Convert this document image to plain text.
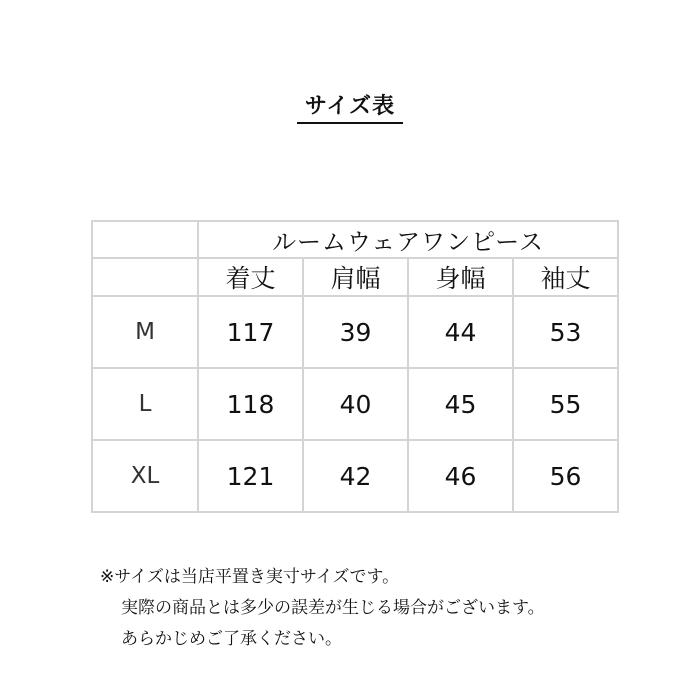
サイズ表
	ルームウェアワンピース			
	着丈	肩幅	身幅	袖丈
M	117	39	44	53
L	118	40	45	55
XL	121	42	46	56
※サイズは当店平置き実寸サイズです。
実際の商品とは多少の誤差が生じる場合がございます。
あらかじめご了承ください。
